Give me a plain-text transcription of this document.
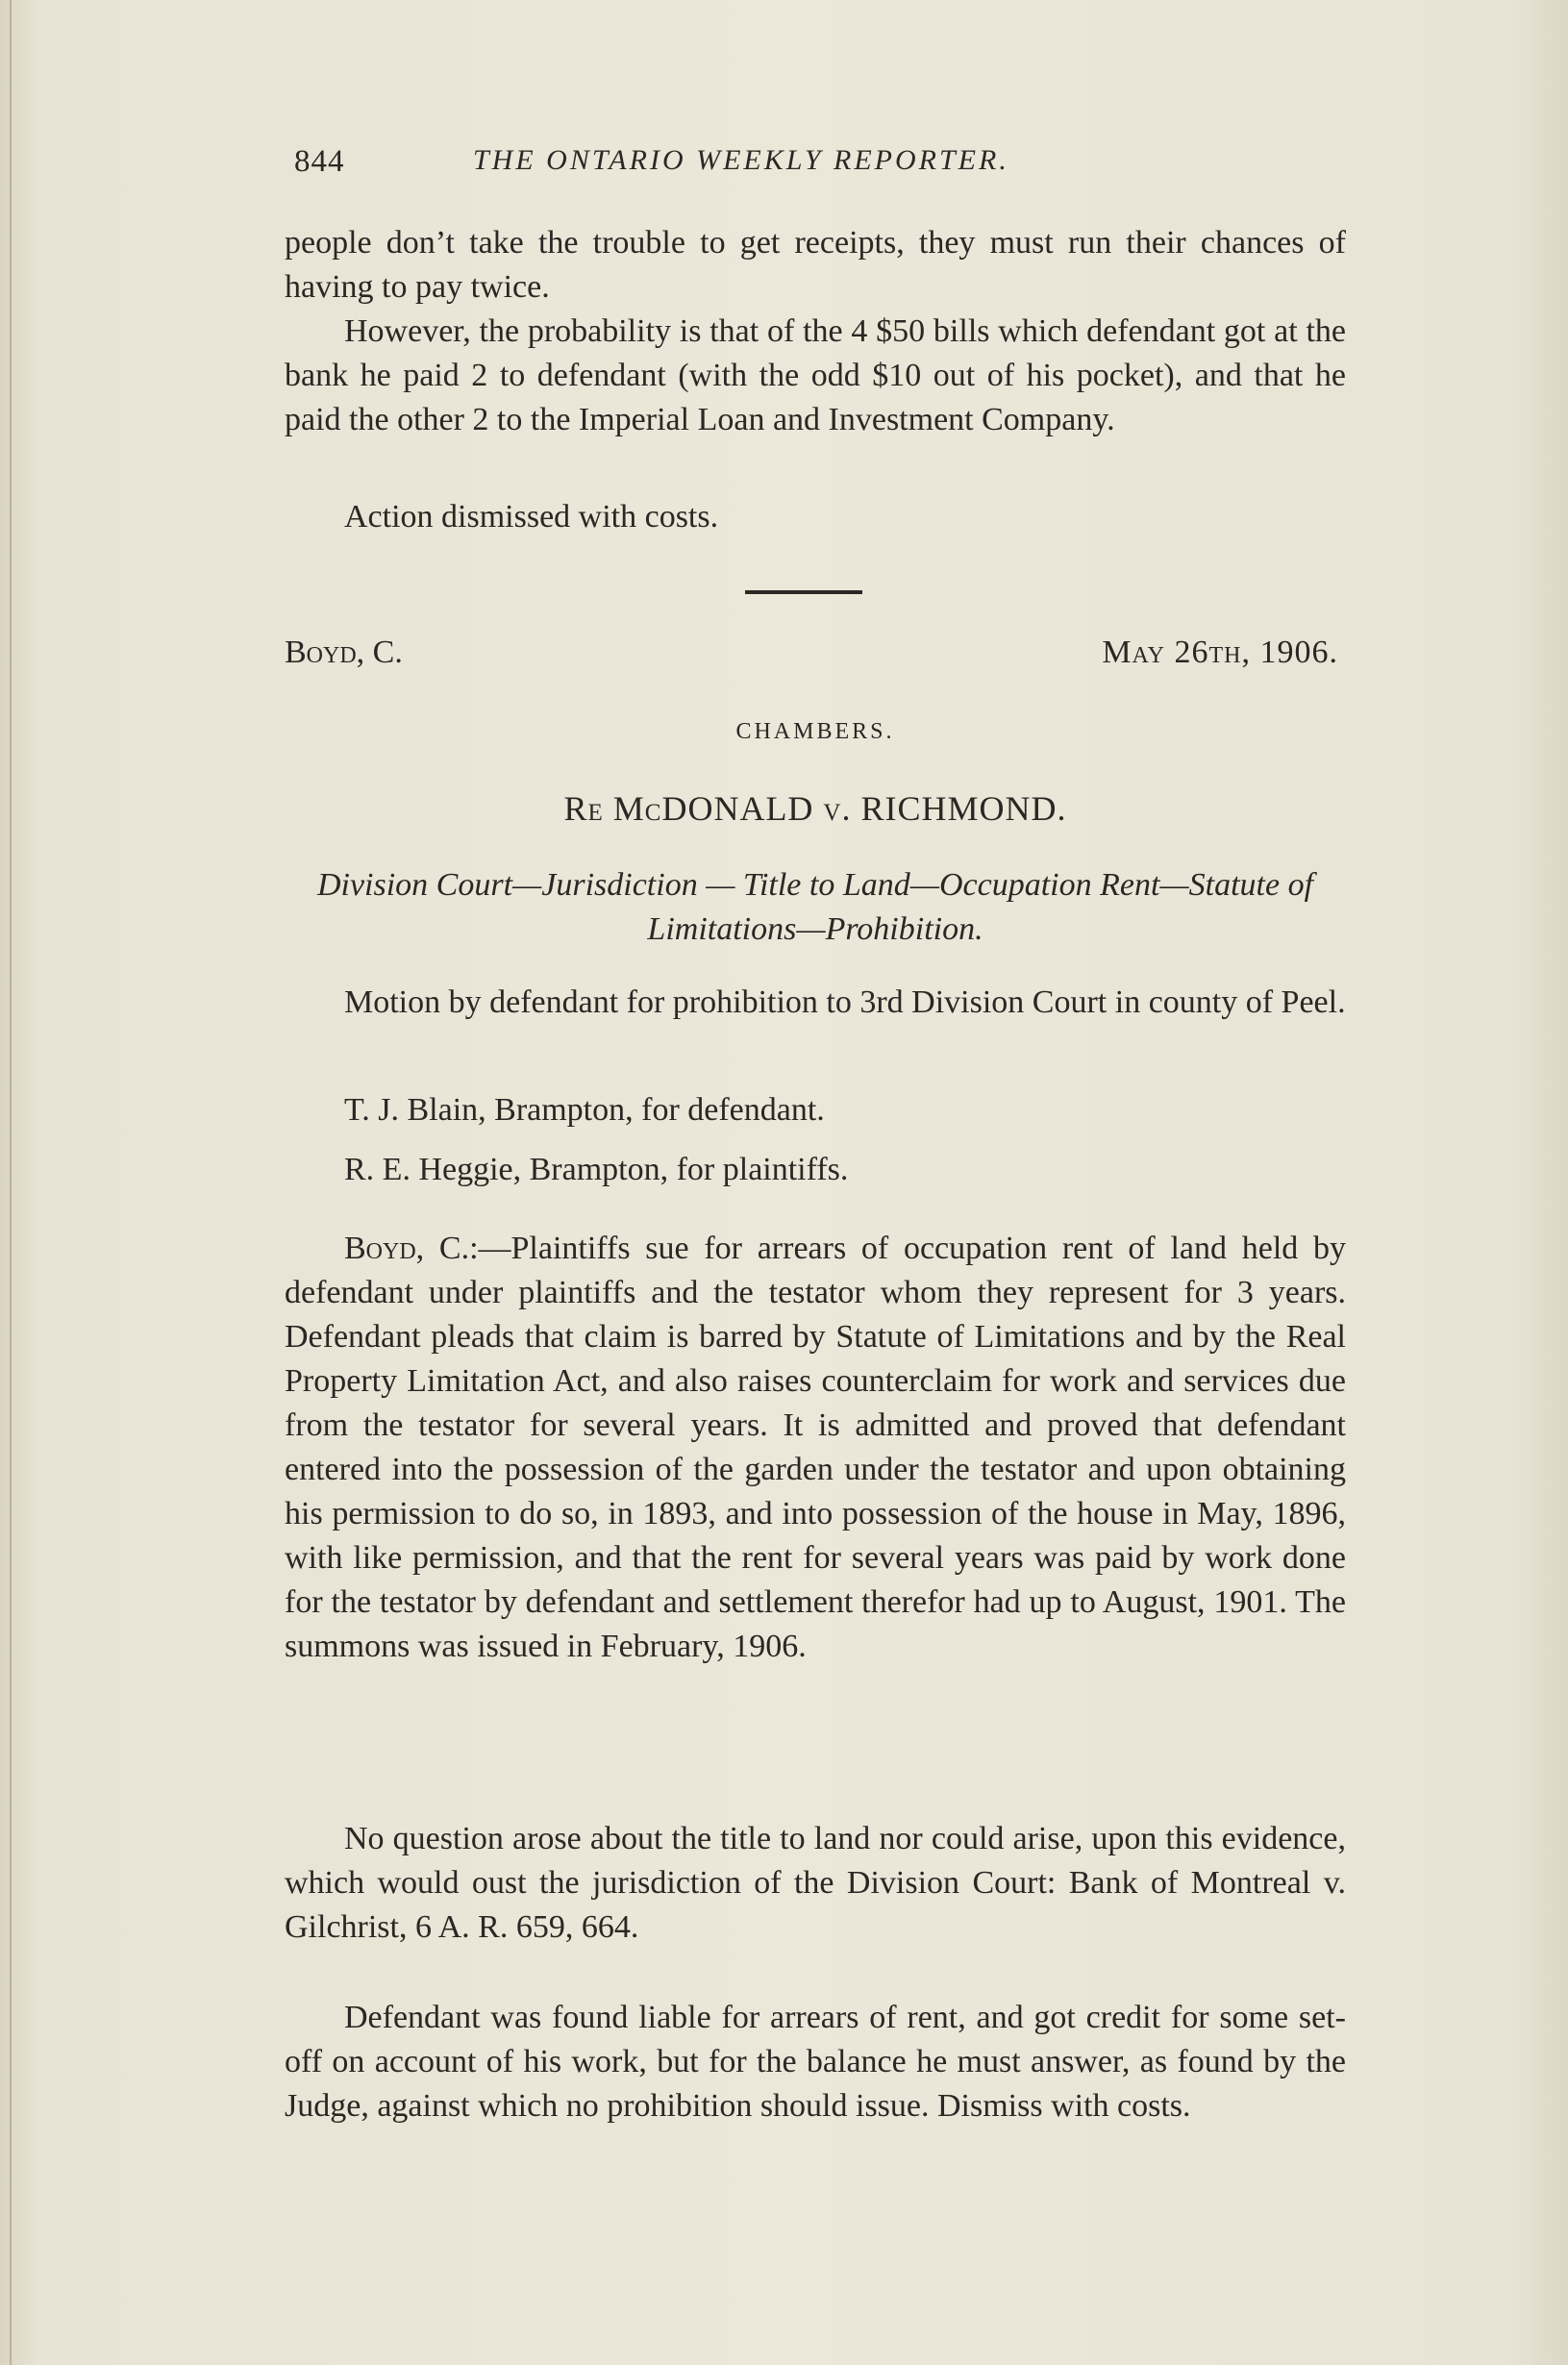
844	THE ONTARIO WEEKLY REPORTER.

people don’t take the trouble to get receipts, they must run their chances of having to pay twice.

However, the probability is that of the 4 $50 bills which defendant got at the bank he paid 2 to defendant (with the odd $10 out of his pocket), and that he paid the other 2 to the Imperial Loan and Investment Company.

Action dismissed with costs.

Boyd, C.	May 26th, 1906.

CHAMBERS.

Re McDONALD v. RICHMOND.

Division Court—Jurisdiction — Title to Land—Occupation Rent—Statute of Limitations—Prohibition.

Motion by defendant for prohibition to 3rd Division Court in county of Peel.

T. J. Blain, Brampton, for defendant.

R. E. Heggie, Brampton, for plaintiffs.

Boyd, C.:—Plaintiffs sue for arrears of occupation rent of land held by defendant under plaintiffs and the testator whom they represent for 3 years. Defendant pleads that claim is barred by Statute of Limitations and by the Real Property Limitation Act, and also raises counterclaim for work and services due from the testator for several years. It is admitted and proved that defendant entered into the possession of the garden under the testator and upon obtaining his permission to do so, in 1893, and into possession of the house in May, 1896, with like permission, and that the rent for several years was paid by work done for the testator by defendant and settlement therefor had up to August, 1901. The summons was issued in February, 1906.

No question arose about the title to land nor could arise, upon this evidence, which would oust the jurisdiction of the Division Court: Bank of Montreal v. Gilchrist, 6 A. R. 659, 664.

Defendant was found liable for arrears of rent, and got credit for some set-off on account of his work, but for the balance he must answer, as found by the Judge, against which no prohibition should issue. Dismiss with costs.
